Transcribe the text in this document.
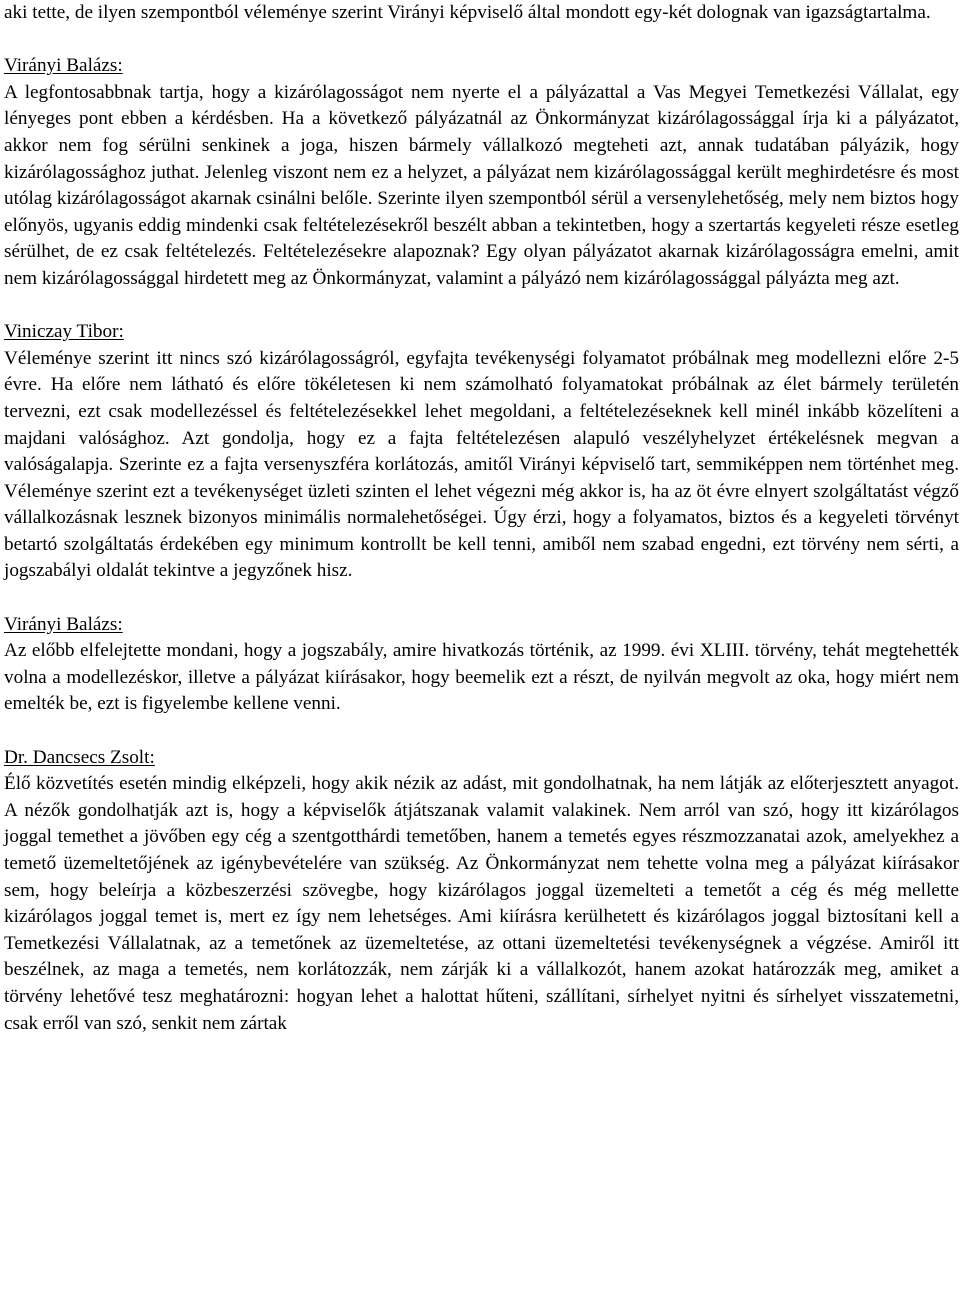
aki tette, de ilyen szempontból véleménye szerint Virányi képviselő által mondott egy-két dolognak van igazságtartalma.

Virányi Balázs:

A legfontosabbnak tartja, hogy a kizárólagosságot nem nyerte el a pályázattal a Vas Megyei Temetkezési Vállalat, egy lényeges pont ebben a kérdésben. Ha a következő pályázatnál az Önkormányzat kizárólagossággal írja ki a pályázatot, akkor nem fog sérülni senkinek a joga, hiszen bármely vállalkozó megteheti azt, annak tudatában pályázik, hogy kizárólagossághoz juthat. Jelenleg viszont nem ez a helyzet, a pályázat nem kizárólagossággal került meghirdetésre és most utólag kizárólagosságot akarnak csinálni belőle. Szerinte ilyen szempontból sérül a versenylehetőség, mely nem biztos hogy előnyös, ugyanis eddig mindenki csak feltételezésekről beszélt abban a tekintetben, hogy a szertartás kegyeleti része esetleg sérülhet, de ez csak feltételezés. Feltételezésekre alapoznak? Egy olyan pályázatot akarnak kizárólagosságra emelni, amit nem kizárólagossággal hirdetett meg az Önkormányzat, valamint a pályázó nem kizárólagossággal pályázta meg azt.

Viniczay Tibor:

Véleménye szerint itt nincs szó kizárólagosságról, egyfajta tevékenységi folyamatot próbálnak meg modellezni előre 2-5 évre. Ha előre nem látható és előre tökéletesen ki nem számolható folyamatokat próbálnak az élet bármely területén tervezni, ezt csak modellezéssel és feltételezésekkel lehet megoldani, a feltételezéseknek kell minél inkább közelíteni a majdani valósághoz. Azt gondolja, hogy ez a fajta feltételezésen alapuló veszélyhelyzet értékelésnek megvan a valóságalapja. Szerinte ez a fajta versenyszféra korlátozás, amitől Virányi képviselő tart, semmiképpen nem történhet meg. Véleménye szerint ezt a tevékenységet üzleti szinten el lehet végezni még akkor is, ha az öt évre elnyert szolgáltatást végző vállalkozásnak lesznek bizonyos minimális normalehetőségei. Úgy érzi, hogy a folyamatos, biztos és a kegyeleti törvényt betartó szolgáltatás érdekében egy minimum kontrollt be kell tenni, amiből nem szabad engedni, ezt törvény nem sérti, a jogszabályi oldalát tekintve a jegyzőnek hisz.

Virányi Balázs:

Az előbb elfelejtette mondani, hogy a jogszabály, amire hivatkozás történik, az 1999. évi XLIII. törvény, tehát megtehették volna a modellezéskor, illetve a pályázat kiírásakor, hogy beemelik ezt a részt, de nyilván megvolt az oka, hogy miért nem emelték be, ezt is figyelembe kellene venni.

Dr. Dancsecs Zsolt:

Élő közvetítés esetén mindig elképzeli, hogy akik nézik az adást, mit gondolhatnak, ha nem látják az előterjesztett anyagot. A nézők gondolhatják azt is, hogy a képviselők átjátszanak valamit valakinek. Nem arról van szó, hogy itt kizárólagos joggal temethet a jövőben egy cég a szentgotthárdi temetőben, hanem a temetés egyes részmozzanatai azok, amelyekhez a temető üzemeltetőjének az igénybevételére van szükség. Az Önkormányzat nem tehette volna meg a pályázat kiírásakor sem, hogy beleírja a közbeszerzési szövegbe, hogy kizárólagos joggal üzemelteti a temetőt a cég és még mellette kizárólagos joggal temet is, mert ez így nem lehetséges. Ami kiírásra kerülhetett és kizárólagos joggal biztosítani kell a Temetkezési Vállalatnak, az a temetőnek az üzemeltetése, az ottani üzemeltetési tevékenységnek a végzése. Amiről itt beszélnek, az maga a temetés, nem korlátozzák, nem zárják ki a vállalkozót, hanem azokat határozzák meg, amiket a törvény lehetővé tesz meghatározni: hogyan lehet a halottat hűteni, szállítani, sírhelyet nyitni és sírhelyet visszatemetni, csak erről van szó, senkit nem zártak
